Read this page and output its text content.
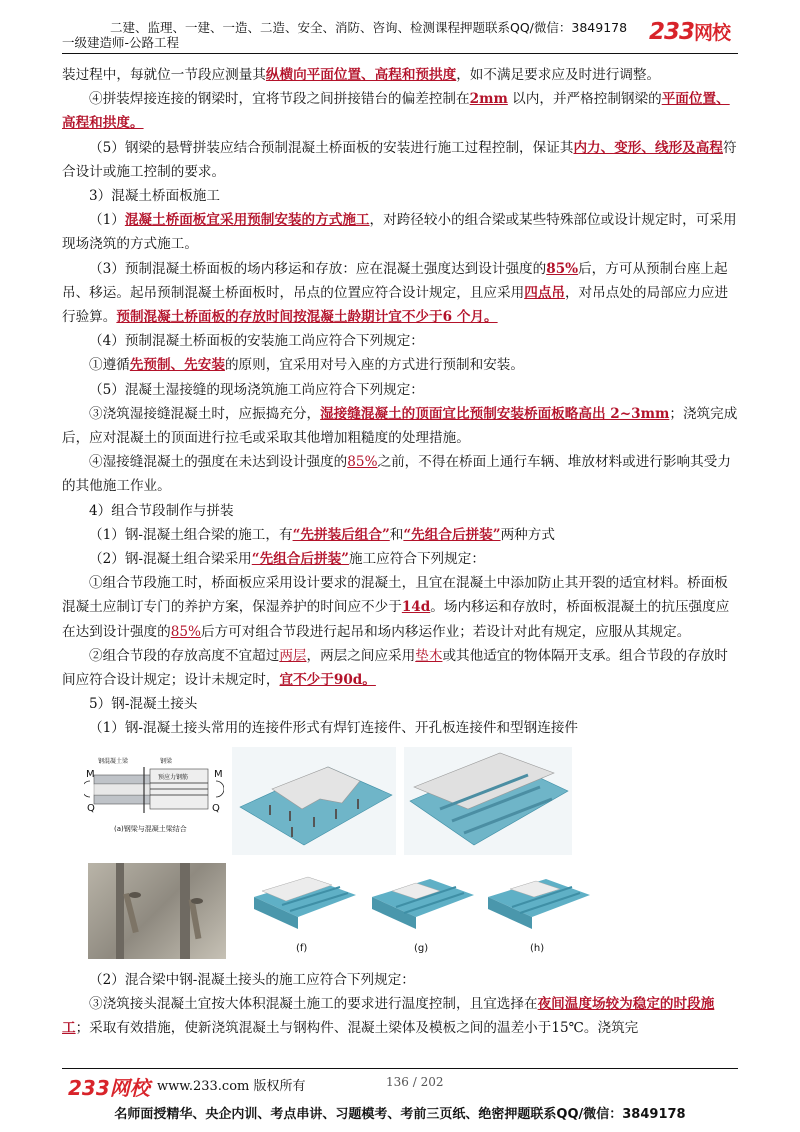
二建、监理、一建、一造、二造、安全、消防、咨询、检测课程押题联系QQ/微信：3849178
一级建造师-公路工程	233网校

装过程中，每就位一节段应测量其纵横向平面位置、高程和预拱度，如不满足要求应及时进行调整。

④拼装焊接连接的钢梁时，宜将节段之间拼接错台的偏差控制在2mm 以内，并严格控制钢梁的平面位置、高程和拱度。

（5）钢梁的悬臂拼装应结合预制混凝土桥面板的安装进行施工过程控制，保证其内力、变形、线形及高程符合设计或施工控制的要求。

3）混凝土桥面板施工

（1）混凝土桥面板宜采用预制安装的方式施工，对跨径较小的组合梁或某些特殊部位或设计规定时，可采用现场浇筑的方式施工。

（3）预制混凝土桥面板的场内移运和存放：应在混凝土强度达到设计强度的85%后，方可从预制台座上起吊、移运。起吊预制混凝土桥面板时，吊点的位置应符合设计规定，且应采用四点吊，对吊点处的局部应力应进行验算。预制混凝土桥面板的存放时间按混凝土龄期计宜不少于6 个月。

（4）预制混凝土桥面板的安装施工尚应符合下列规定：

①遵循先预制、先安装的原则，宜采用对号入座的方式进行预制和安装。

（5）混凝土湿接缝的现场浇筑施工尚应符合下列规定：

③浇筑湿接缝混凝土时，应振捣充分，湿接缝混凝土的顶面宜比预制安装桥面板略高出 2~3mm；浇筑完成后，应对混凝土的顶面进行拉毛或采取其他增加粗糙度的处理措施。

④湿接缝混凝土的强度在未达到设计强度的85%之前，不得在桥面上通行车辆、堆放材料或进行影响其受力的其他施工作业。

4）组合节段制作与拼装

（1）钢-混凝土组合梁的施工，有“先拼装后组合”和“先组合后拼装”两种方式

（2）钢-混凝土组合梁采用“先组合后拼装”施工应符合下列规定：

①组合节段施工时，桥面板应采用设计要求的混凝土，且宜在混凝土中添加防止其开裂的适宜材料。桥面板混凝土应制订专门的养护方案，保湿养护的时间应不少于14d。场内移运和存放时，桥面板混凝土的抗压强度应在达到设计强度的85%后方可对组合节段进行起吊和场内移运作业；若设计对此有规定，应服从其规定。

②组合节段的存放高度不宜超过两层，两层之间应采用垫木或其他适宜的物体隔开支承。组合节段的存放时间应符合设计规定；设计未规定时，宜不少于90d。

5）钢-混凝土接头

（1）钢-混凝土接头常用的连接件形式有焊钉连接件、开孔板连接件和型钢连接件

M	M
Q	Q
钢混凝土梁	钢梁
预应力钢筋
(a)钢梁与混凝土梁结合
(f)	(g)	(h)

（2）混合梁中钢-混凝土接头的施工应符合下列规定：

③浇筑接头混凝土宜按大体积混凝土施工的要求进行温度控制，且宜选择在夜间温度场较为稳定的时段施工；采取有效措施，使新浇筑混凝土与钢构件、混凝土梁体及模板之间的温差小于15℃。浇筑完

233网校 www.233.com 版权所有	136 / 202
名师面授精华、央企内训、考点串讲、习题模考、考前三页纸、绝密押题联系QQ/微信：3849178
